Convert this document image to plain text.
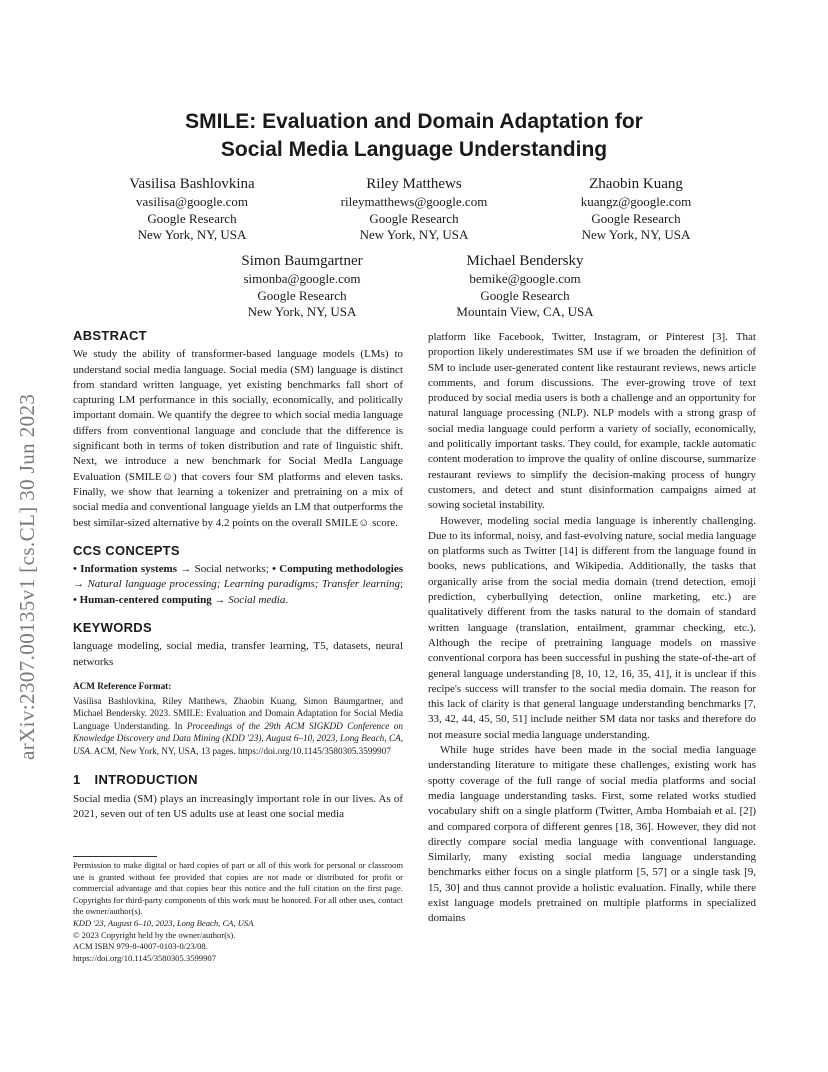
arXiv:2307.00135v1 [cs.CL] 30 Jun 2023
SMILE: Evaluation and Domain Adaptation for
Social Media Language Understanding
Vasilisa Bashlovkina
vasilisa@google.com
Google Research
New York, NY, USA
Riley Matthews
rileymatthews@google.com
Google Research
New York, NY, USA
Zhaobin Kuang
kuangz@google.com
Google Research
New York, NY, USA
Simon Baumgartner
simonba@google.com
Google Research
New York, NY, USA
Michael Bendersky
bemike@google.com
Google Research
Mountain View, CA, USA
ABSTRACT

We study the ability of transformer-based language models (LMs) to understand social media language. Social media (SM) language is distinct from standard written language, yet existing benchmarks fall short of capturing LM performance in this socially, economically, and politically important domain. We quantify the degree to which social media language differs from conventional language and conclude that the difference is significant both in terms of token distribution and rate of linguistic shift. Next, we introduce a new benchmark for Social MedIa Language Evaluation (SMILE☺) that covers four SM platforms and eleven tasks. Finally, we show that learning a tokenizer and pretraining on a mix of social media and conventional language yields an LM that outperforms the best similar-sized alternative by 4.2 points on the overall SMILE☺ score.

CCS CONCEPTS

• Information systems → Social networks; • Computing methodologies → Natural language processing; Learning paradigms; Transfer learning; • Human-centered computing → Social media.

KEYWORDS

language modeling, social media, transfer learning, T5, datasets, neural networks

ACM Reference Format:
Vasilisa Bashlovkina, Riley Matthews, Zhaobin Kuang, Simon Baumgartner, and Michael Bendersky. 2023. SMILE: Evaluation and Domain Adaptation for Social Media Language Understanding. In Proceedings of the 29th ACM SIGKDD Conference on Knowledge Discovery and Data Mining (KDD '23), August 6–10, 2023, Long Beach, CA, USA. ACM, New York, NY, USA, 13 pages. https://doi.org/10.1145/3580305.3599907
1 INTRODUCTION

Social media (SM) plays an increasingly important role in our lives. As of 2021, seven out of ten US adults use at least one social media

Permission to make digital or hard copies of part or all of this work for personal or classroom use is granted without fee provided that copies are not made or distributed for profit or commercial advantage and that copies bear this notice and the full citation on the first page. Copyrights for third-party components of this work must be honored. For all other uses, contact the owner/author(s).

KDD '23, August 6–10, 2023, Long Beach, CA, USA

© 2023 Copyright held by the owner/author(s).

ACM ISBN 979-8-4007-0103-0/23/08.

https://doi.org/10.1145/3580305.3599907

platform like Facebook, Twitter, Instagram, or Pinterest [3]. That proportion likely underestimates SM use if we broaden the definition of SM to include user-generated content like restaurant reviews, news article comments, and forum discussions. The ever-growing trove of text produced by social media users is both a challenge and an opportunity for natural language processing (NLP). NLP models with a strong grasp of social media language could perform a variety of socially, economically, and politically important tasks. They could, for example, tackle automatic content moderation to improve the quality of online discourse, summarize restaurant reviews to simplify the decision-making process of hungry customers, and detect and stunt disinformation campaigns aimed at sowing societal instability.

However, modeling social media language is inherently challenging. Due to its informal, noisy, and fast-evolving nature, social media language on platforms such as Twitter [14] is different from the language found in books, news publications, and Wikipedia. Additionally, the tasks that organically arise from the social media domain (trend detection, emoji prediction, cyberbullying detection, online marketing, etc.) are qualitatively different from the tasks natural to the domain of standard written language (translation, entailment, grammar checking, etc.). Although the recipe of pretraining language models on massive conventional corpora has been successful in pushing the state-of-the-art of general language understanding [8, 10, 12, 16, 35, 41], it is unclear if this recipe's success will transfer to the social media domain. The reason for this lack of clarity is that general language understanding benchmarks [7, 33, 42, 44, 45, 50, 51] include neither SM data nor tasks and therefore do not measure social media language understanding.

While huge strides have been made in the social media language understanding literature to mitigate these challenges, existing work has spotty coverage of the full range of social media platforms and social media language understanding tasks. First, some related works studied vocabulary shift on a single platform (Twitter, Amba Hombaiah et al. [2]) and compared corpora of different genres [18, 36]. However, they did not directly compare social media language with conventional language. Similarly, many existing social media language understanding benchmarks either focus on a single platform [5, 57] or a single task [9, 15, 30] and thus cannot provide a holistic evaluation. Finally, while there exist language models pretrained on multiple platforms in specialized domains
